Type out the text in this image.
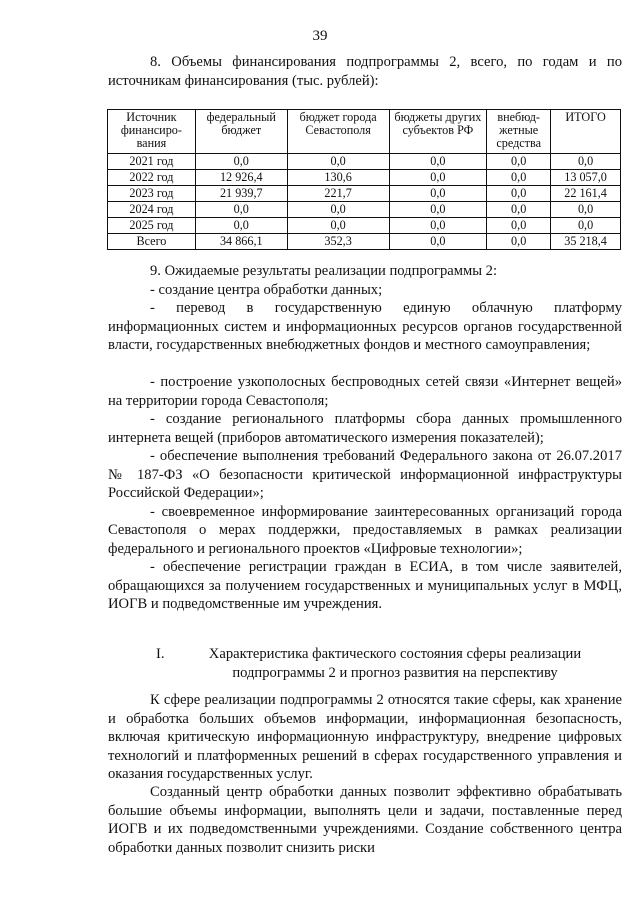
39

8. Объемы финансирования подпрограммы 2, всего, по годам и по источникам финансирования (тыс. рублей):

Источник финансиро-вания	федеральный бюджет	бюджет города Севастополя	бюджеты других субъектов РФ	внебюд-жетные средства	ИТОГО
2021 год	0,0	0,0	0,0	0,0	0,0
2022 год	12 926,4	130,6	0,0	0,0	13 057,0
2023 год	21 939,7	221,7	0,0	0,0	22 161,4
2024 год	0,0	0,0	0,0	0,0	0,0
2025 год	0,0	0,0	0,0	0,0	0,0
Всего	34 866,1	352,3	0,0	0,0	35 218,4

9. Ожидаемые результаты реализации подпрограммы 2:

- создание центра обработки данных;

- перевод в государственную единую облачную платформу информационных систем и информационных ресурсов органов государственной власти, государственных внебюджетных фондов и местного самоуправления;

- построение узкополосных беспроводных сетей связи «Интернет вещей» на территории города Севастополя;

- создание регионального платформы сбора данных промышленного интернета вещей (приборов автоматического измерения показателей);

- обеспечение выполнения требований Федерального закона от 26.07.2017 № 187-ФЗ «О безопасности критической информационной инфраструктуры Российской Федерации»;

- своевременное информирование заинтересованных организаций города Севастополя о мерах поддержки, предоставляемых в рамках реализации федерального и регионального проектов «Цифровые технологии»;

- обеспечение регистрации граждан в ЕСИА, в том числе заявителей, обращающихся за получением государственных и муниципальных услуг в МФЦ, ИОГВ и подведомственные им учреждения.

I.	Характеристика фактического состояния сферы реализации подпрограммы 2 и прогноз развития на перспективу

К сфере реализации подпрограммы 2 относятся такие сферы, как хранение и обработка больших объемов информации, информационная безопасность, включая критическую информационную инфраструктуру, внедрение цифровых технологий и платформенных решений в сферах государственного управления и оказания государственных услуг.

Созданный центр обработки данных позволит эффективно обрабатывать большие объемы информации, выполнять цели и задачи, поставленные перед ИОГВ и их подведомственными учреждениями. Создание собственного центра обработки данных позволит снизить риски
